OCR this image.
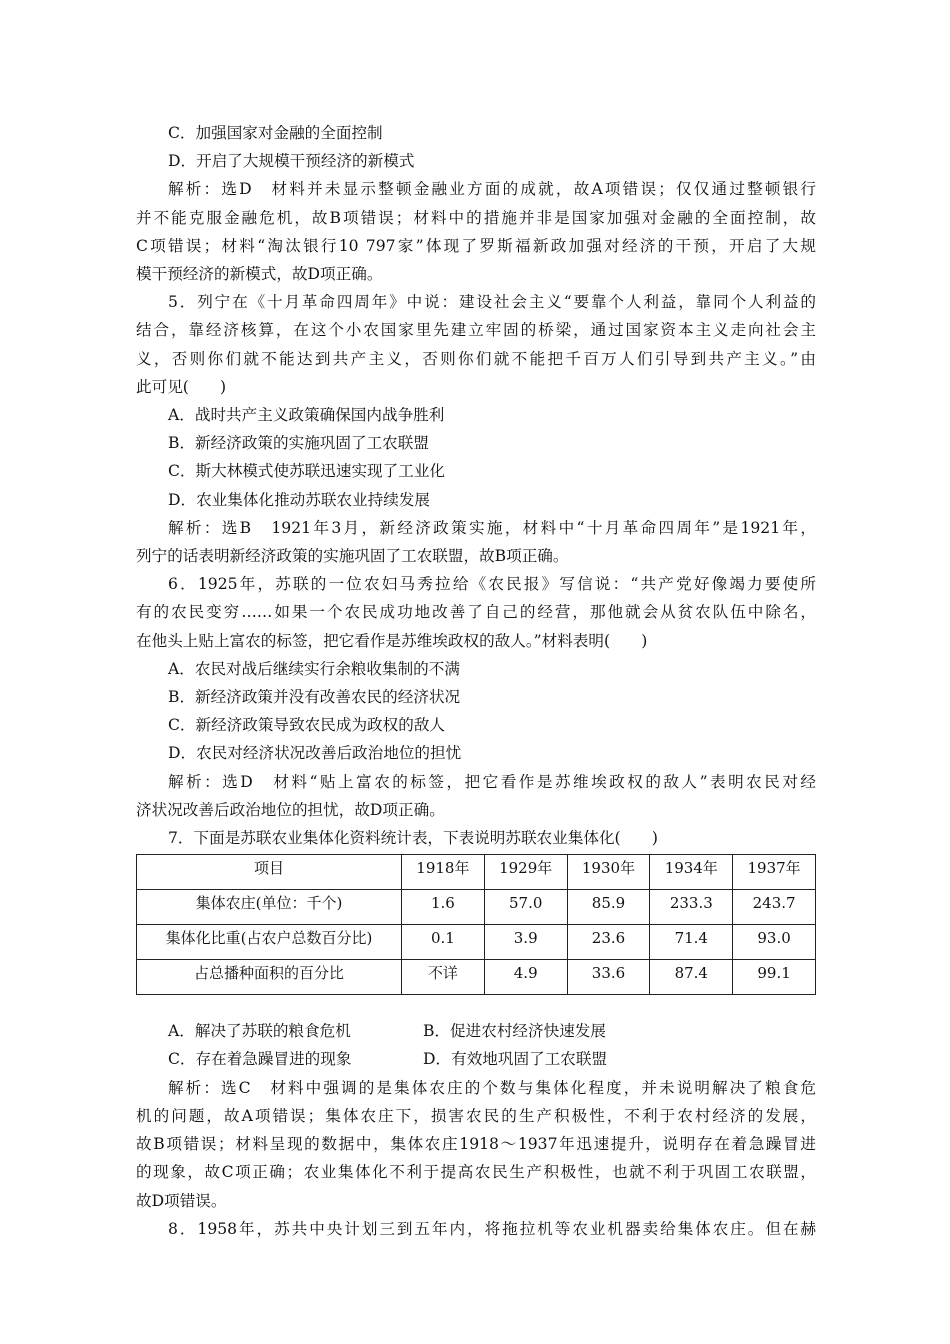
C．加强国家对金融的全面控制
D．开启了大规模干预经济的新模式
解析：选D　材料并未显示整顿金融业方面的成就，故A项错误；仅仅通过整顿银行
并不能克服金融危机，故B项错误；材料中的措施并非是国家加强对金融的全面控制，故
C项错误；材料“淘汰银行10 797家”体现了罗斯福新政加强对经济的干预，开启了大规
模干预经济的新模式，故D项正确。
5．列宁在《十月革命四周年》中说：建设社会主义“要靠个人利益，靠同个人利益的
结合，靠经济核算，在这个小农国家里先建立牢固的桥梁，通过国家资本主义走向社会主
义，否则你们就不能达到共产主义，否则你们就不能把千百万人们引导到共产主义。”由
此可见(　　)
A．战时共产主义政策确保国内战争胜利
B．新经济政策的实施巩固了工农联盟
C．斯大林模式使苏联迅速实现了工业化
D．农业集体化推动苏联农业持续发展
解析：选B　1921年3月，新经济政策实施，材料中“十月革命四周年”是1921年，
列宁的话表明新经济政策的实施巩固了工农联盟，故B项正确。
6．1925年，苏联的一位农妇马秀拉给《农民报》写信说：“共产党好像竭力要使所
有的农民变穷……如果一个农民成功地改善了自己的经营，那他就会从贫农队伍中除名，
在他头上贴上富农的标签，把它看作是苏维埃政权的敌人。”材料表明(　　)
A．农民对战后继续实行余粮收集制的不满
B．新经济政策并没有改善农民的经济状况
C．新经济政策导致农民成为政权的敌人
D．农民对经济状况改善后政治地位的担忧
解析：选D　材料“贴上富农的标签，把它看作是苏维埃政权的敌人”表明农民对经
济状况改善后政治地位的担忧，故D项正确。
7．下面是苏联农业集体化资料统计表，下表说明苏联农业集体化(　　)
项目	1918年	1929年	1930年	1934年	1937年
集体农庄(单位：千个)	1.6	57.0	85.9	233.3	243.7
集体化比重(占农户总数百分比)	0.1	3.9	23.6	71.4	93.0
占总播种面积的百分比	不详	4.9	33.6	87.4	99.1
A．解决了苏联的粮食危机	B．促进农村经济快速发展
C．存在着急躁冒进的现象	D．有效地巩固了工农联盟
解析：选C　材料中强调的是集体农庄的个数与集体化程度，并未说明解决了粮食危
机的问题，故A项错误；集体农庄下，损害农民的生产积极性，不利于农村经济的发展，
故B项错误；材料呈现的数据中，集体农庄1918～1937年迅速提升，说明存在着急躁冒进
的现象，故C项正确；农业集体化不利于提高农民生产积极性，也就不利于巩固工农联盟，
故D项错误。
8．1958年，苏共中央计划三到五年内，将拖拉机等农业机器卖给集体农庄。但在赫
